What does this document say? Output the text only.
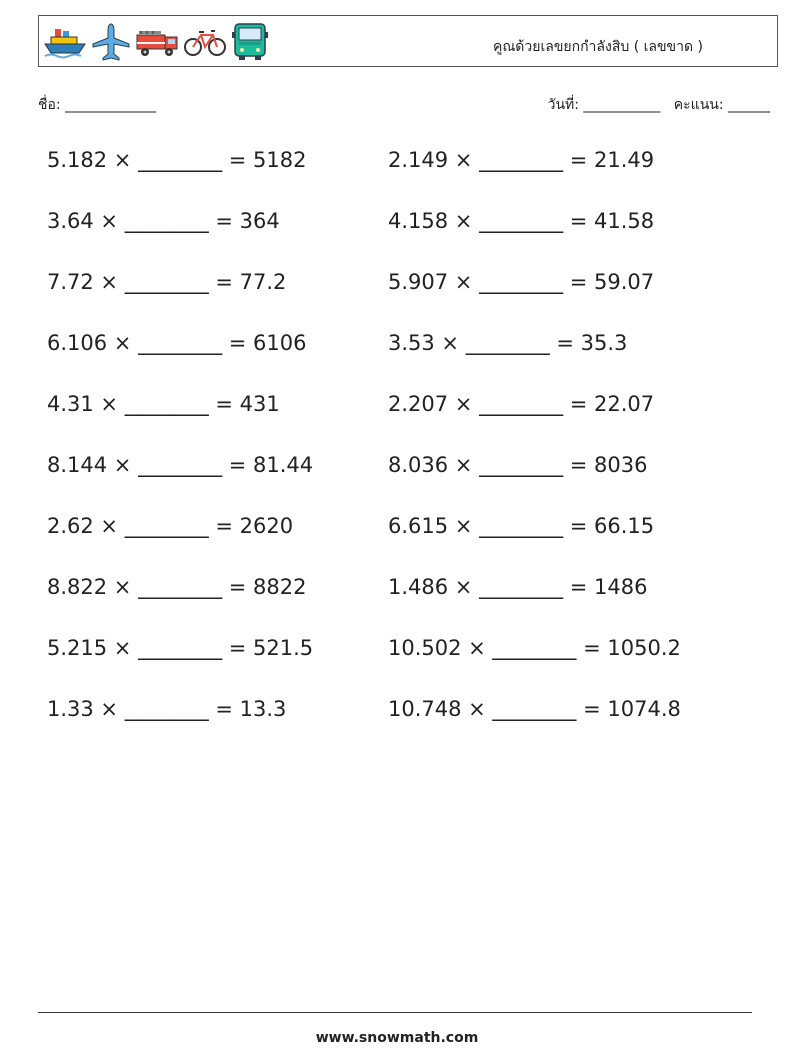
คูณด้วยเลขยกกำลังสิบ ( เลขขาด )
ชื่อ: _____________	วันที่: ___________ คะแนน: ______
5.182 × ________ = 5182
3.64 × ________ = 364
7.72 × ________ = 77.2
6.106 × ________ = 6106
4.31 × ________ = 431
8.144 × ________ = 81.44
2.62 × ________ = 2620
8.822 × ________ = 8822
5.215 × ________ = 521.5
1.33 × ________ = 13.3
2.149 × ________ = 21.49
4.158 × ________ = 41.58
5.907 × ________ = 59.07
3.53 × ________ = 35.3
2.207 × ________ = 22.07
8.036 × ________ = 8036
6.615 × ________ = 66.15
1.486 × ________ = 1486
10.502 × ________ = 1050.2
10.748 × ________ = 1074.8
www.snowmath.com
